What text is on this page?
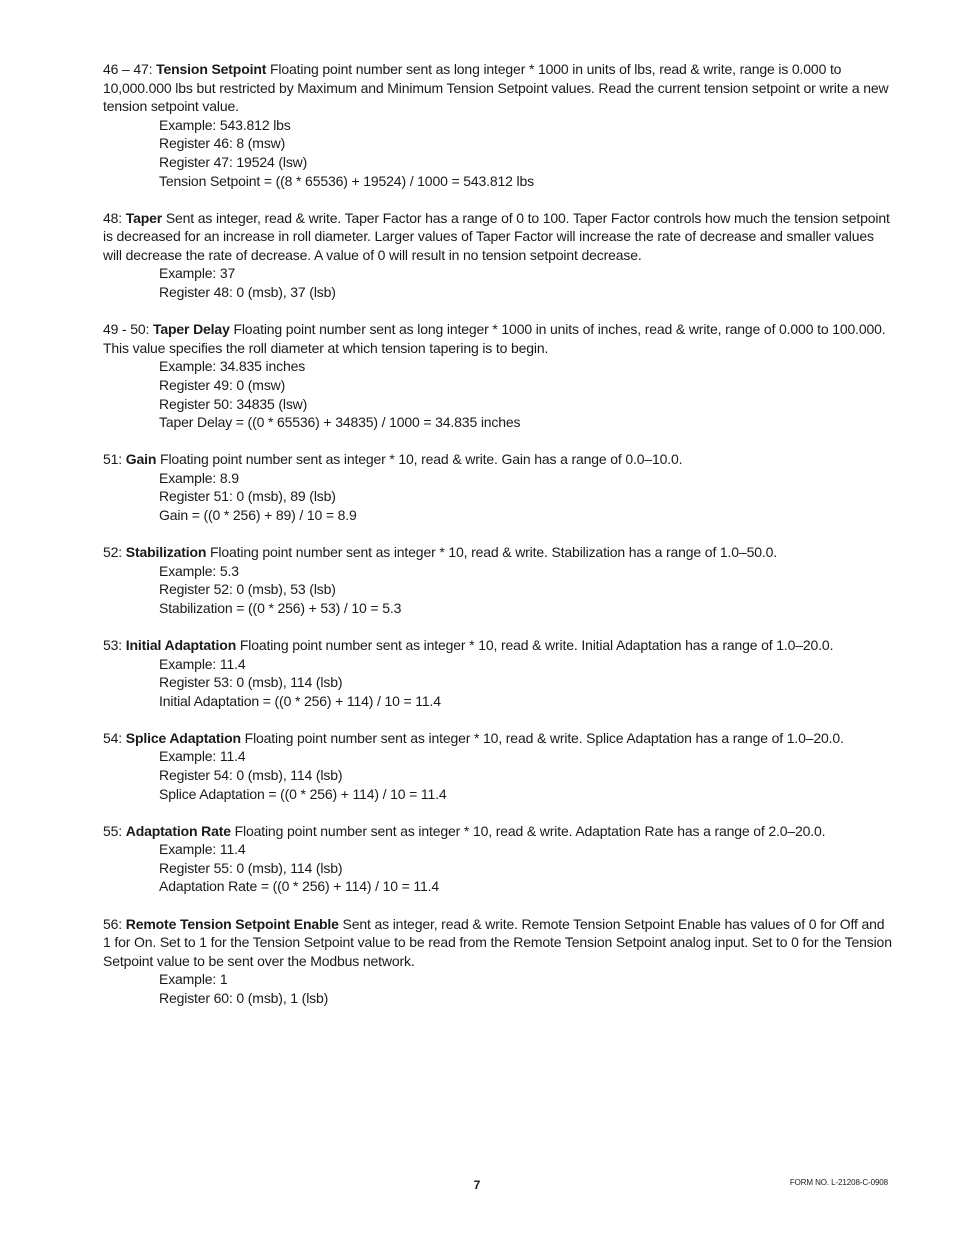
46 – 47: Tension Setpoint Floating point number sent as long integer * 1000 in units of lbs, read & write, range is 0.000 to 10,000.000 lbs but restricted by Maximum and Minimum Tension Setpoint values. Read the current tension setpoint or write a new tension setpoint value.

Example: 543.812 lbs

Register 46: 8 (msw)

Register 47: 19524 (lsw)

Tension Setpoint = ((8 * 65536) + 19524) / 1000 = 543.812 lbs

48: Taper Sent as integer, read & write. Taper Factor has a range of 0 to 100. Taper Factor controls how much the tension setpoint is decreased for an increase in roll diameter. Larger values of Taper Factor will increase the rate of decrease and smaller values will decrease the rate of decrease. A value of 0 will result in no tension setpoint decrease.

Example: 37

Register 48: 0 (msb), 37 (lsb)

49 - 50: Taper Delay Floating point number sent as long integer * 1000 in units of inches, read & write, range of 0.000 to 100.000. This value specifies the roll diameter at which tension tapering is to begin.

Example: 34.835 inches

Register 49: 0 (msw)

Register 50: 34835 (lsw)

Taper Delay = ((0 * 65536) + 34835) / 1000 = 34.835 inches

51: Gain Floating point number sent as integer * 10, read & write. Gain has a range of 0.0–10.0.

Example: 8.9

Register 51: 0 (msb), 89 (lsb)

Gain = ((0 * 256) + 89) / 10 = 8.9

52: Stabilization Floating point number sent as integer * 10, read & write. Stabilization has a range of 1.0–50.0.

Example: 5.3

Register 52: 0 (msb), 53 (lsb)

Stabilization = ((0 * 256) + 53) / 10 = 5.3

53: Initial Adaptation Floating point number sent as integer * 10, read & write. Initial Adaptation has a range of 1.0–20.0.

Example: 11.4

Register 53: 0 (msb), 114 (lsb)

Initial Adaptation = ((0 * 256) + 114) / 10 = 11.4

54: Splice Adaptation Floating point number sent as integer * 10, read & write. Splice Adaptation has a range of 1.0–20.0.

Example: 11.4

Register 54: 0 (msb), 114 (lsb)

Splice Adaptation = ((0 * 256) + 114) / 10 = 11.4

55: Adaptation Rate Floating point number sent as integer * 10, read & write. Adaptation Rate has a range of 2.0–20.0.

Example: 11.4

Register 55: 0 (msb), 114 (lsb)

Adaptation Rate = ((0 * 256) + 114) / 10 = 11.4

56: Remote Tension Setpoint Enable Sent as integer, read & write. Remote Tension Setpoint Enable has values of 0 for Off and 1 for On. Set to 1 for the Tension Setpoint value to be read from the Remote Tension Setpoint analog input. Set to 0 for the Tension Setpoint value to be sent over the Modbus network.

Example: 1

Register 60: 0 (msb), 1 (lsb)

7	FORM NO. L-21208-C-0908
